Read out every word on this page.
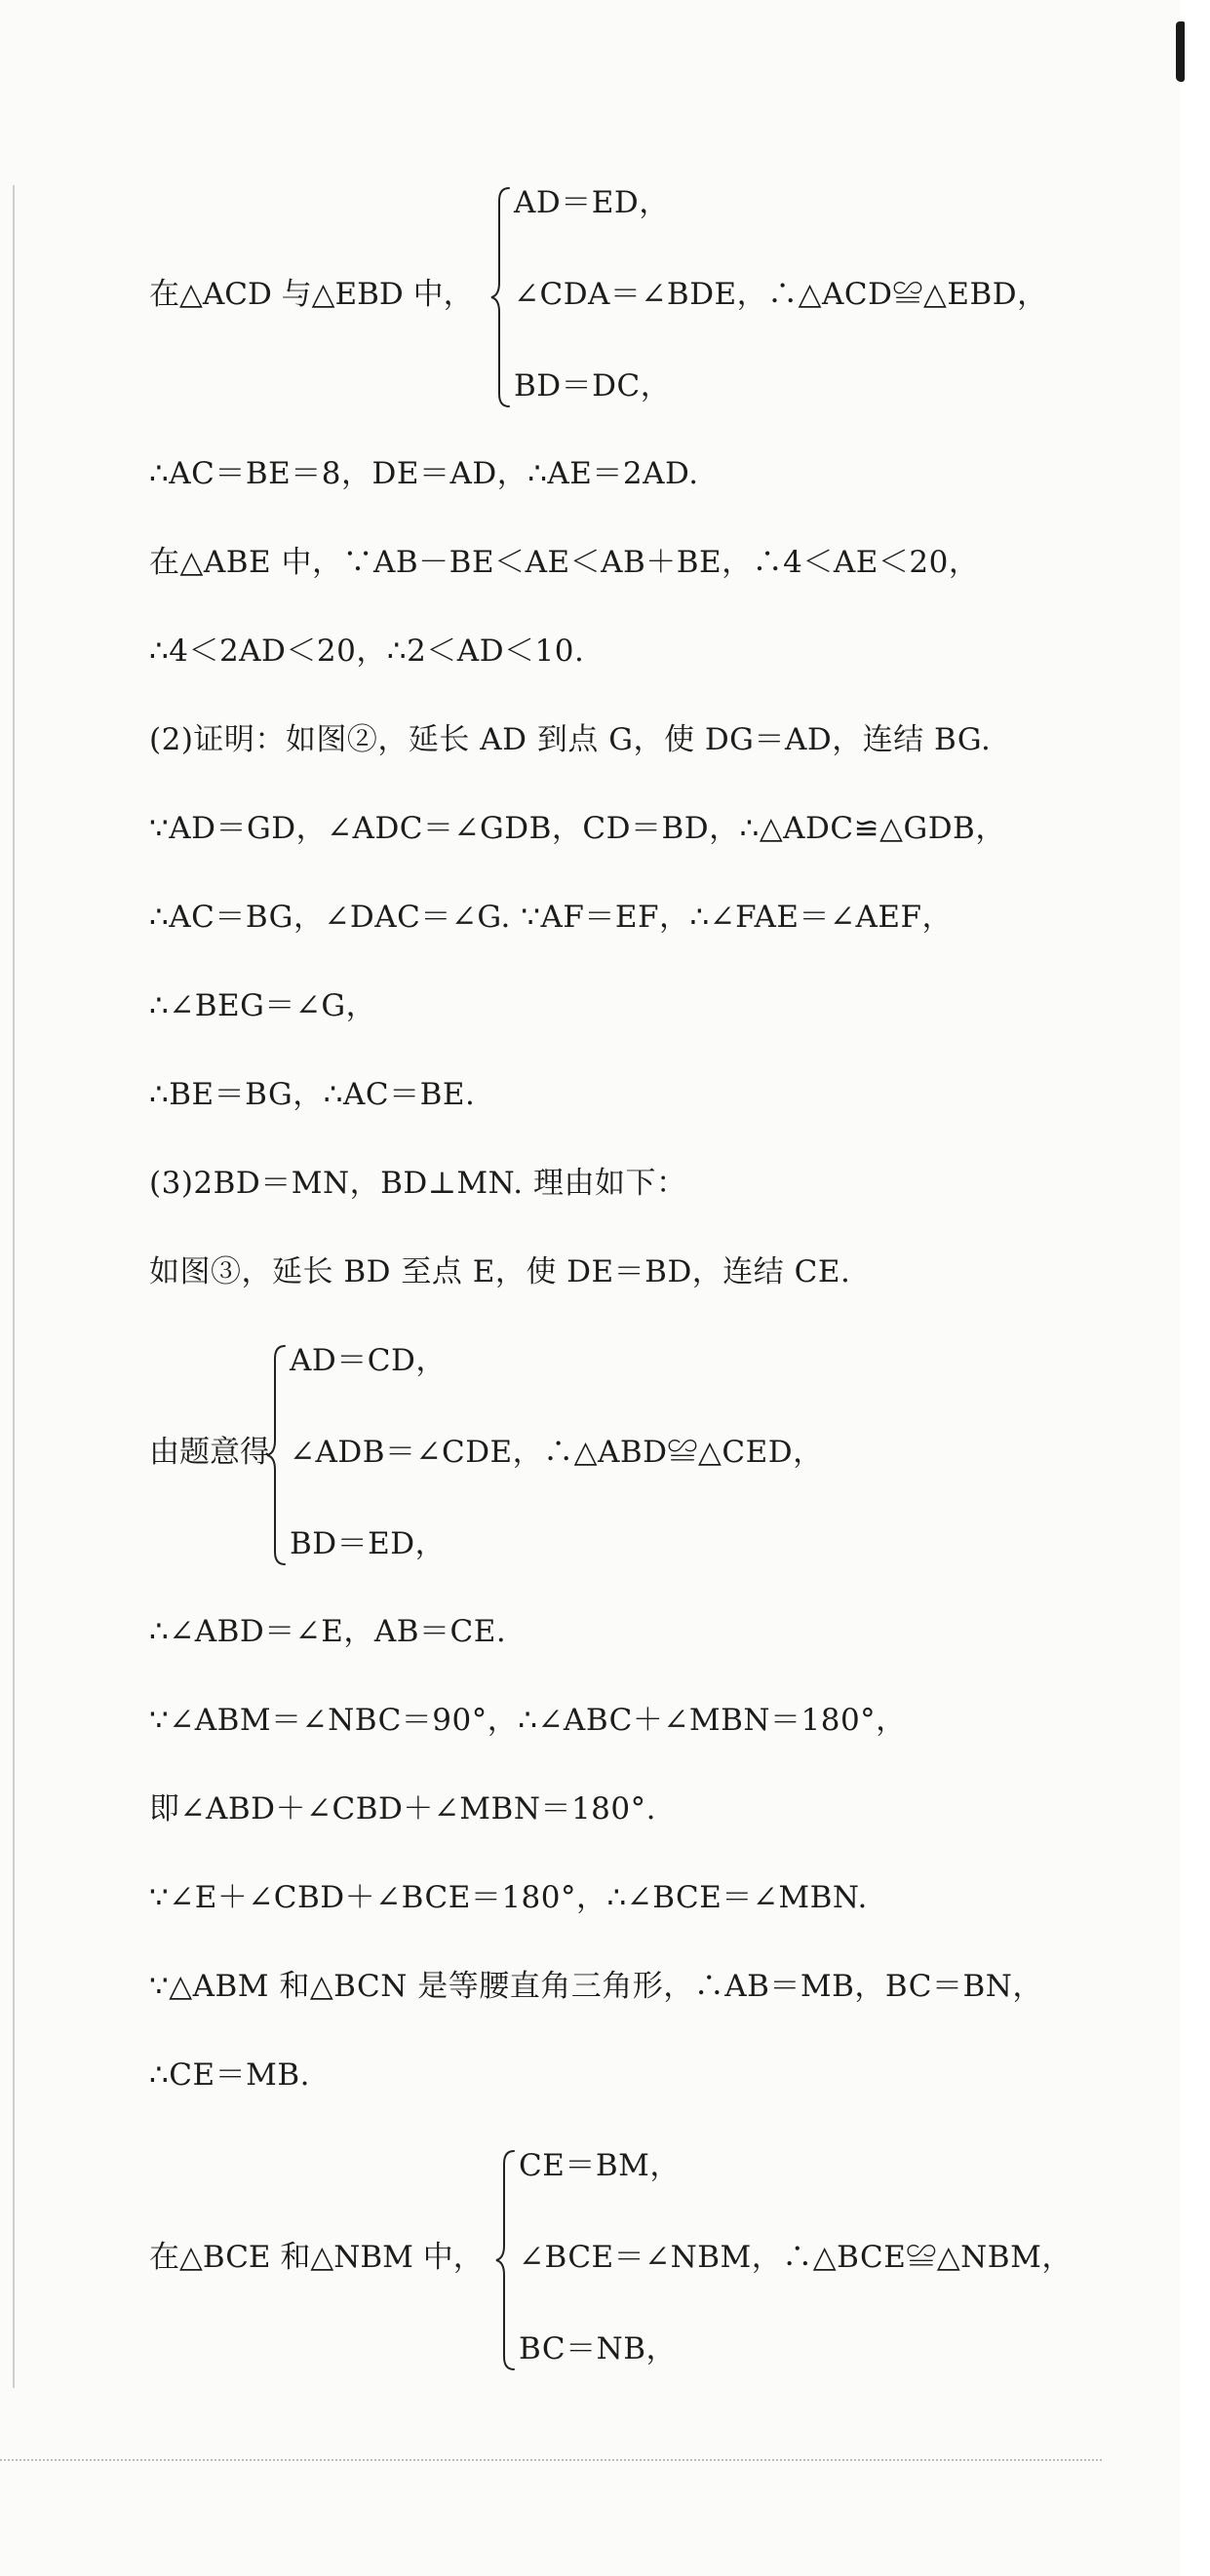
在△ACD 与△EBD 中，
AD＝ED，
∠CDA＝∠BDE，∴△ACD≌△EBD，
BD＝DC，
∴AC＝BE＝8，DE＝AD，∴AE＝2AD.
在△ABE 中，∵AB－BE＜AE＜AB＋BE，∴4＜AE＜20，
∴4＜2AD＜20，∴2＜AD＜10.
(2)证明：如图②，延长 AD 到点 G，使 DG＝AD，连结 BG.
∵AD＝GD，∠ADC＝∠GDB，CD＝BD，∴△ADC≌△GDB，
∴AC＝BG，∠DAC＝∠G. ∵AF＝EF，∴∠FAE＝∠AEF，
∴∠BEG＝∠G，
∴BE＝BG，∴AC＝BE.
(3)2BD＝MN，BD⊥MN. 理由如下：
如图③，延长 BD 至点 E，使 DE＝BD，连结 CE.
由题意得
AD＝CD，
∠ADB＝∠CDE，∴△ABD≌△CED，
BD＝ED，
∴∠ABD＝∠E，AB＝CE.
∵∠ABM＝∠NBC＝90°，∴∠ABC＋∠MBN＝180°，
即∠ABD＋∠CBD＋∠MBN＝180°.
∵∠E＋∠CBD＋∠BCE＝180°，∴∠BCE＝∠MBN.
∵△ABM 和△BCN 是等腰直角三角形，∴AB＝MB，BC＝BN，
∴CE＝MB.
在△BCE 和△NBM 中，
CE＝BM，
∠BCE＝∠NBM，∴△BCE≌△NBM，
BC＝NB，
